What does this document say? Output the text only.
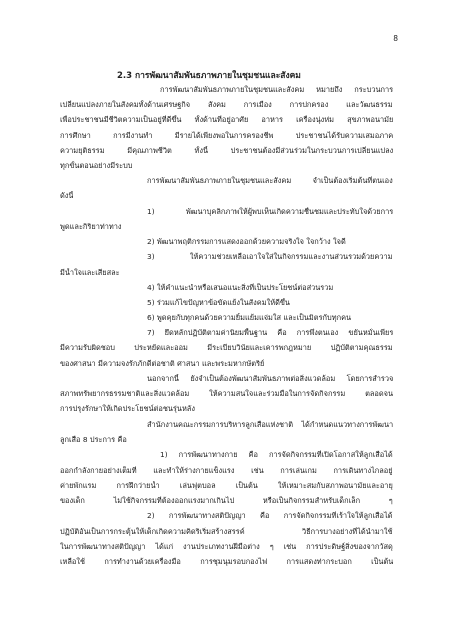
8
2.3 การพัฒนาสัมพันธภาพภายในชุมชนและสังคม
การพัฒนาสัมพันธภาพภายในชุมชนและสังคม หมายถึง กระบวนการ
เปลี่ยนแปลงภายในสังคมทั้งด้านเศรษฐกิจ สังคม การเมือง การปกครอง และวัฒนธรรม
เพื่อประชาชนมีชีวิตความเป็นอยู่ที่ดีขึ้น ทั้งด้านที่อยู่อาศัย อาหาร เครื่องนุ่งห่ม สุขภาพอนามัย
การศึกษา การมีงานทำ มีรายได้เพียงพอในการครองชีพ ประชาชนได้รับความเสมอภาค
ความยุติธรรม มีคุณภาพชีวิต ทั้งนี้ ประชาชนต้องมีส่วนร่วมในกระบวนการเปลี่ยนแปลง
ทุกขั้นตอนอย่างมีระบบ
การพัฒนาสัมพันธภาพภายในชุมชนและสังคม จำเป็นต้องเริ่มต้นที่ตนเอง
ดังนี้
1) พัฒนาบุคลิกภาพให้ผู้พบเห็นเกิดความชื่นชมและประทับใจด้วยการ
พูดและกิริยาท่าทาง
2) พัฒนาพฤติกรรมการแสดงออกด้วยความจริงใจ ใจกว้าง ใจดี
3) ให้ความช่วยเหลือเอาใจใส่ในกิจกรรมและงานส่วนรวมด้วยความ
มีน้ำใจและเสียสละ
4) ให้คำแนะนำหรือเสนอแนะสิ่งที่เป็นประโยชน์ต่อส่วนรวม
5) ร่วมแก้ไขปัญหาข้อขัดแย้งในสังคมให้ดีขึ้น
6) พูดคุยกับทุกคนด้วยความยิ้มแย้มแจ่มใส และเป็นมิตรกับทุกคน
7) ยึดหลักปฏิบัติตามค่านิยมพื้นฐาน คือ การพึ่งตนเอง ขยันหมั่นเพียร
มีความรับผิดชอบ ประหยัดและออม มีระเบียบวินัยและเคารพกฎหมาย ปฏิบัติตามคุณธรรม
ของศาสนา มีความจงรักภักดีต่อชาติ ศาสนา และพระมหากษัตริย์
นอกจากนี้ ยังจำเป็นต้องพัฒนาสัมพันธภาพต่อสิ่งแวดล้อม โดยการสำรวจ
สภาพทรัพยากรธรรมชาติและสิ่งแวดล้อม ให้ความสนใจและร่วมมือในการจัดกิจกรรม ตลอดจน
การปรุงรักษาให้เกิดประโยชน์ต่อชนรุ่นหลัง
สำนักงานคณะกรรมการบริหารลูกเสือแห่งชาติ ได้กำหนดแนวทางการพัฒนา
ลูกเสือ 8 ประการ คือ
1) การพัฒนาทางกาย คือ การจัดกิจกรรมที่เปิดโอกาสให้ลูกเสือได้
ออกกำลังกายอย่างเต็มที่ และทำให้ร่างกายแข็งแรง เช่น การเล่นเกม การเดินทางไกลอยู่
ค่ายพักแรม การฝึกว่ายน้ำ เล่นฟุตบอล เป็นต้น ให้เหมาะสมกับสภาพอนามัยและอายุ
ของเด็ก ไม่ใช้กิจกรรมที่ต้องออกแรงมากเกินไป หรือเป็นกิจกรรมสำหรับเด็กเล็ก ๆ
2) การพัฒนาทางสติปัญญา คือ การจัดกิจกรรมที่เร้าใจให้ลูกเสือได้
ปฏิบัติอันเป็นการกระตุ้นให้เด็กเกิดความคิดริเริ่มสร้างสรรค์ วิธีการบางอย่างที่ได้นำมาใช้
ในการพัฒนาทางสติปัญญา ได้แก่ งานประเภทงานฝีมือต่าง ๆ เช่น การประดิษฐ์สิ่งของจากวัสดุ
เหลือใช้ การทำงานด้วยเครื่องมือ การชุมนุมรอบกองไฟ การแสดงท่ากระบอก เป็นต้น
